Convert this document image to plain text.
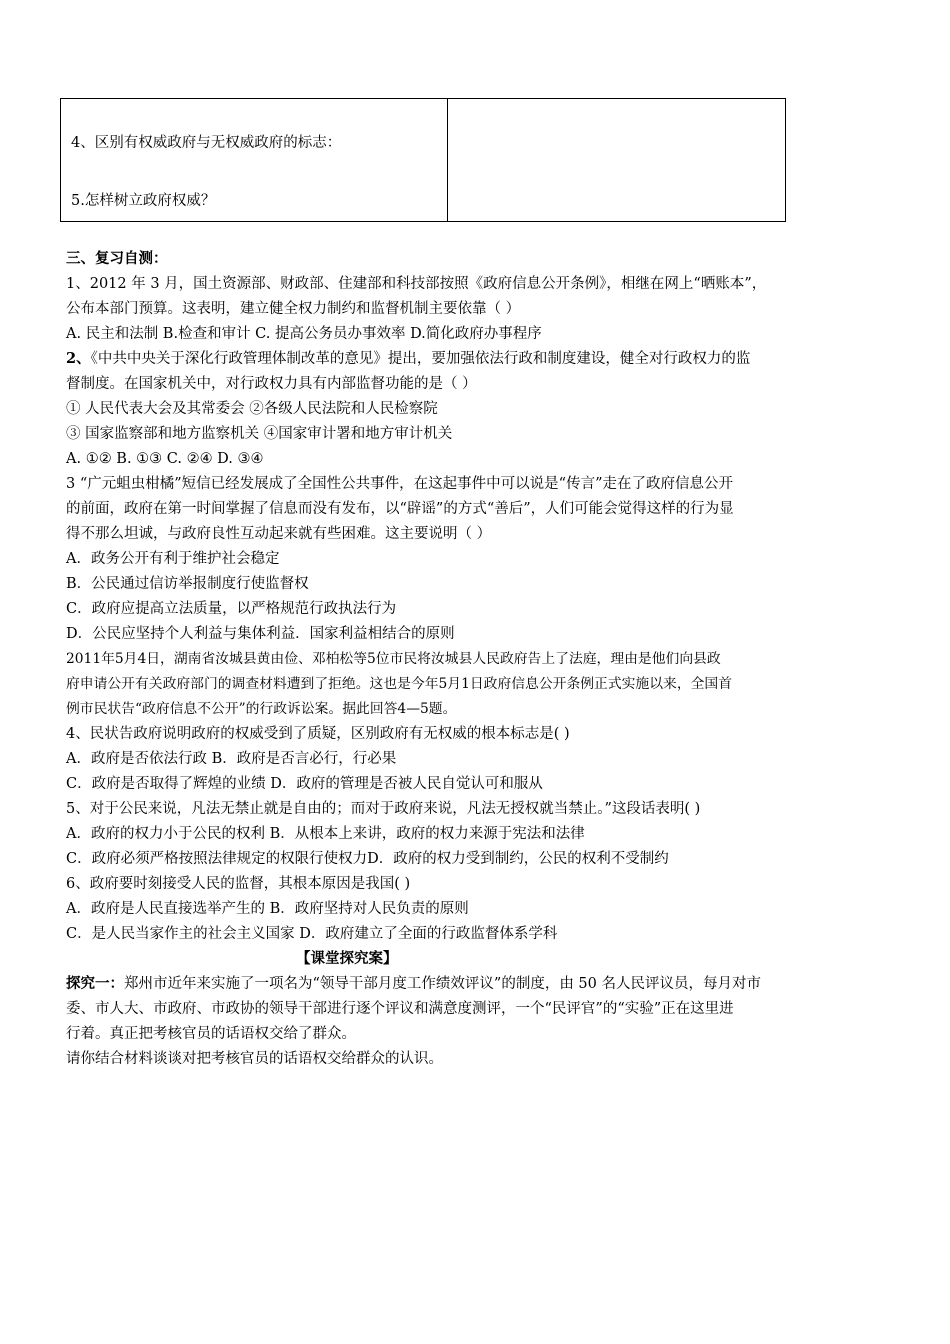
4、区别有权威政府与无权威政府的标志：
5.怎样树立政府权威？
三、复习自测：
1、2012 年 3 月，国土资源部、财政部、住建部和科技部按照《政府信息公开条例》，相继在网上“晒账本”，
公布本部门预算。这表明，建立健全权力制约和监督机制主要依靠（ ）
A. 民主和法制 B.检查和审计 C. 提高公务员办事效率 D.简化政府办事程序
2、《中共中央关于深化行政管理体制改革的意见》提出，要加强依法行政和制度建设，健全对行政权力的监
督制度。在国家机关中，对行政权力具有内部监督功能的是（ ）
① 人民代表大会及其常委会 ②各级人民法院和人民检察院
③ 国家监察部和地方监察机关 ④国家审计署和地方审计机关
A. ①② B. ①③ C. ②④ D. ③④
3 “广元蛆虫柑橘”短信已经发展成了全国性公共事件，在这起事件中可以说是“传言”走在了政府信息公开
的前面，政府在第一时间掌握了信息而没有发布，以“辟谣”的方式“善后”，人们可能会觉得这样的行为显
得不那么坦诚，与政府良性互动起来就有些困难。这主要说明（ ）
A．政务公开有利于维护社会稳定
B．公民通过信访举报制度行使监督权
C．政府应提高立法质量，以严格规范行政执法行为
D．公民应坚持个人利益与集体利益．国家利益相结合的原则
2011年5月4日，湖南省汝城县黄由俭、邓柏松等5位市民将汝城县人民政府告上了法庭，理由是他们向县政
府申请公开有关政府部门的调查材料遭到了拒绝。这也是今年5月1日政府信息公开条例正式实施以来，全国首
例市民状告“政府信息不公开”的行政诉讼案。据此回答4—5题。
4、民状告政府说明政府的权威受到了质疑，区别政府有无权威的根本标志是( )
A．政府是否依法行政 B．政府是否言必行，行必果
C．政府是否取得了辉煌的业绩 D．政府的管理是否被人民自觉认可和服从
5、对于公民来说，凡法无禁止就是自由的；而对于政府来说，凡法无授权就当禁止。”这段话表明( )
A．政府的权力小于公民的权利 B．从根本上来讲，政府的权力来源于宪法和法律
C．政府必须严格按照法律规定的权限行使权力D．政府的权力受到制约，公民的权利不受制约
6、政府要时刻接受人民的监督，其根本原因是我国( )
A．政府是人民直接选举产生的 B．政府坚持对人民负责的原则
C．是人民当家作主的社会主义国家 D．政府建立了全面的行政监督体系学科
【课堂探究案】
探究一：郑州市近年来实施了一项名为“领导干部月度工作绩效评议”的制度，由 50 名人民评议员，每月对市
委、市人大、市政府、市政协的领导干部进行逐个评议和满意度测评，一个“民评官”的“实验”正在这里进
行着。真正把考核官员的话语权交给了群众。
请你结合材料谈谈对把考核官员的话语权交给群众的认识。
